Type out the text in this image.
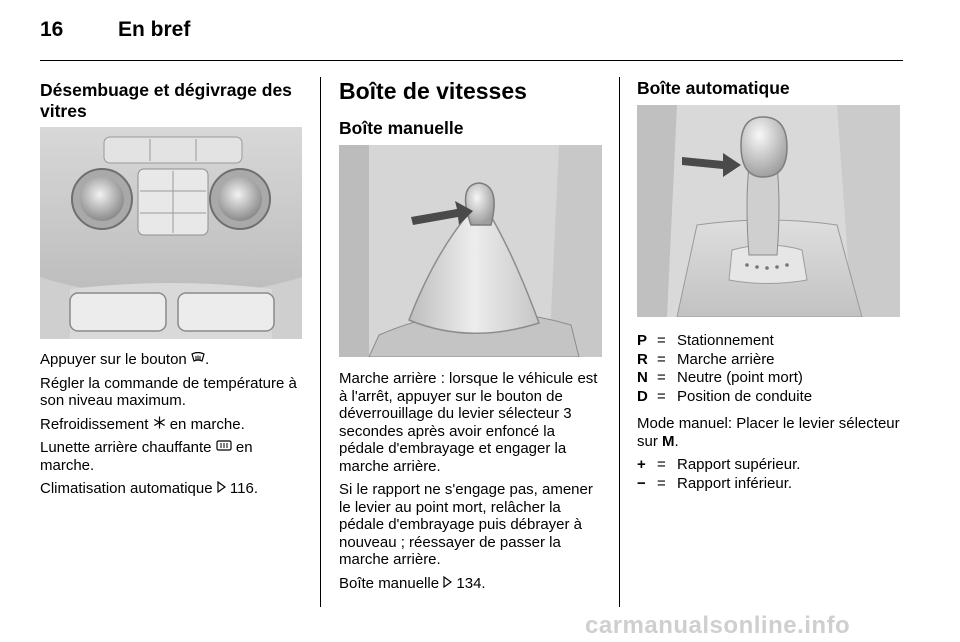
16	En bref
Désembuage et dégivrage des vitres

Appuyer sur le bouton .

Régler la commande de température à son niveau maximum.

Refroidissement  en marche.

Lunette arrière chauffante  en marche.

Climatisation automatique  116.

Boîte de vitesses
Boîte manuelle

Marche arrière : lorsque le véhicule est à l'arrêt, appuyer sur le bouton de déverrouillage du levier sélecteur 3 secondes après avoir enfoncé la pédale d'embrayage et engager la marche arrière.

Si le rapport ne s'engage pas, amener le levier au point mort, relâcher la pédale d'embrayage puis débrayer à nouveau ; réessayer de passer la marche arrière.

Boîte manuelle  134.

Boîte automatique
P = Stationnement
R = Marche arrière
N = Neutre (point mort)
D = Position de conduite

Mode manuel: Placer le levier sélecteur sur M.

+ = Rapport supérieur.
− = Rapport inférieur.
carmanualsonline.info
